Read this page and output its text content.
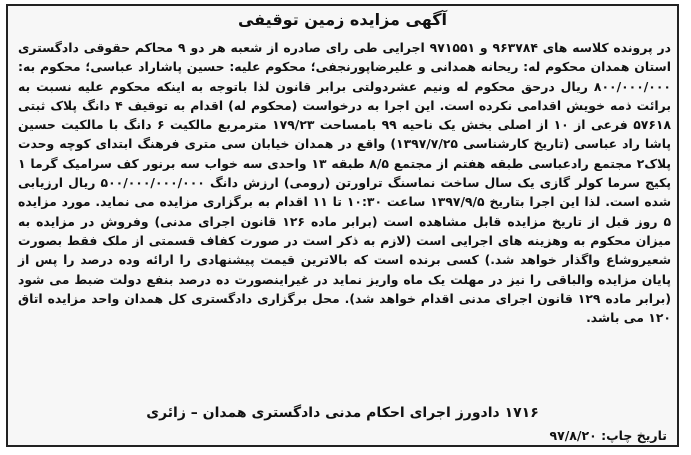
آگهی مزایده زمین توقیفی
در پرونده کلاسه های ۹۶۳۷۸۴ و ۹۷۱۵۵۱ اجرایی طی رای صادره از شعبه هر دو ۹ محاکم حقوقی دادگستری استان همدان محکوم له: ریحانه همدانی و علیرضاپورنجفی؛ محکوم علیه: حسین پاشاراد عباسی؛ محکوم به: ۸۰۰/۰۰۰/۰۰۰ ریال درحق محکوم له ونیم عشردولتی برابر قانون لذا باتوجه به اینکه محکوم علیه نسبت به برائت ذمه خویش اقدامی نکرده است. این اجرا به درخواست (محکوم له) اقدام به توقیف ۴ دانگ پلاک ثبتی ۵۷۶۱۸ فرعی از ۱۰ از اصلی بخش یک ناحیه ۹۹ بامساحت ۱۷۹/۲۳ مترمربع مالکیت ۶ دانگ با مالکیت حسین پاشا راد عباسی (تاریخ کارشناسی ۱۳۹۷/۷/۲۵) واقع در همدان خیابان سی متری فرهنگ ابتدای کوچه وحدت پلاک۲ مجتمع رادعباسی طبقه هفتم از مجتمع ۸/۵ طبقه ۱۳ واحدی سه خواب سه برنور کف سرامیک گرما ۱ پکیج سرما کولر گازی یک سال ساخت نماسنگ تراورتن (رومی) ارزش دانگ ۵۰۰/۰۰۰/۰۰۰/۰۰۰ ریال ارزیابی شده است. لذا این اجرا بتاریخ ۱۳۹۷/۹/۵ ساعت ۱۰:۳۰ تا ۱۱ اقدام به برگزاری مزایده می نماید. مورد مزایده ۵ روز قبل از تاریخ مزایده قابل مشاهده است (برابر ماده ۱۲۶ قانون اجرای مدنی) وفروش در مزایده به میزان محکوم به وهزینه های اجرایی است (لازم به ذکر است در صورت کفاف قسمتی از ملک فقط بصورت شعیروشاع واگذار خواهد شد.) کسی برنده است که بالاترین قیمت پیشنهادی را ارائه وده درصد را پس از پایان مزایده والباقی را نیز در مهلت یک ماه واریز نماید در غیراینصورت ده درصد بنفع دولت ضبط می شود (برابر ماده ۱۲۹ قانون اجرای مدنی اقدام خواهد شد). محل برگزاری دادگستری کل همدان واحد مزایده اتاق ۱۲۰ می باشد.
۱۷۱۶ دادورز اجرای احکام مدنی دادگستری همدان – زائری
تاریخ چاپ: ۹۷/۸/۲۰
